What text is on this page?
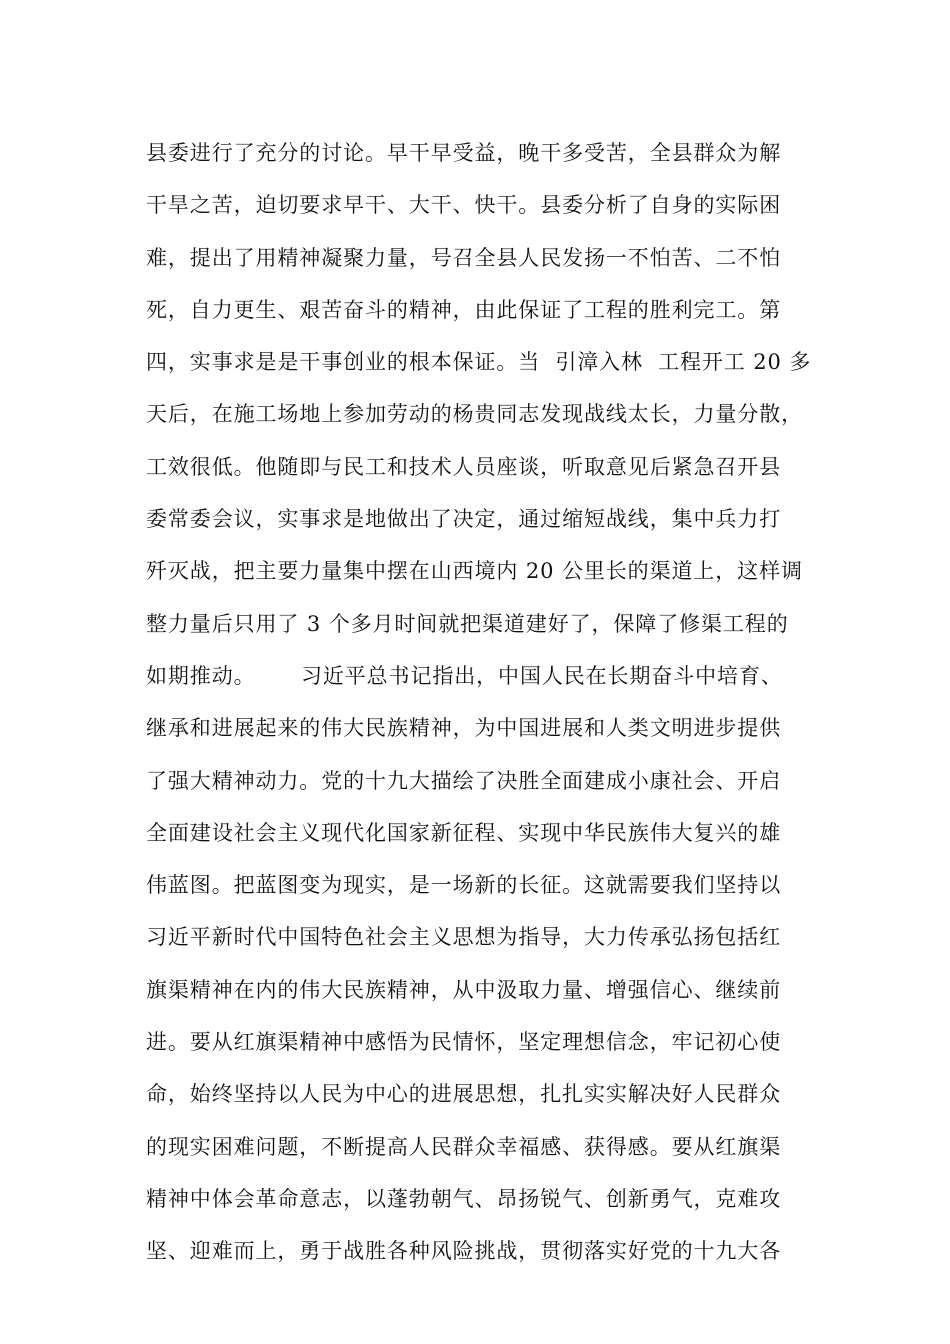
县委进行了充分的讨论。早干早受益，晚干多受苦，全县群众为解
干旱之苦，迫切要求早干、大干、快干。县委分析了自身的实际困
难，提出了用精神凝聚力量，号召全县人民发扬一不怕苦、二不怕
死，自力更生、艰苦奋斗的精神，由此保证了工程的胜利完工。第
四，实事求是是干事创业的根本保证。当  引漳入林  工程开工 20 多
天后，在施工场地上参加劳动的杨贵同志发现战线太长，力量分散，
工效很低。他随即与民工和技术人员座谈，听取意见后紧急召开县
委常委会议，实事求是地做出了决定，通过缩短战线，集中兵力打
歼灭战，把主要力量集中摆在山西境内 20 公里长的渠道上，这样调
整力量后只用了 3 个多月时间就把渠道建好了，保障了修渠工程的
如期推动。      习近平总书记指出，中国人民在长期奋斗中培育、
继承和进展起来的伟大民族精神，为中国进展和人类文明进步提供
了强大精神动力。党的十九大描绘了决胜全面建成小康社会、开启
全面建设社会主义现代化国家新征程、实现中华民族伟大复兴的雄
伟蓝图。把蓝图变为现实，是一场新的长征。这就需要我们坚持以
习近平新时代中国特色社会主义思想为指导，大力传承弘扬包括红
旗渠精神在内的伟大民族精神，从中汲取力量、增强信心、继续前
进。要从红旗渠精神中感悟为民情怀，坚定理想信念，牢记初心使
命，始终坚持以人民为中心的进展思想，扎扎实实解决好人民群众
的现实困难问题，不断提高人民群众幸福感、获得感。要从红旗渠
精神中体会革命意志，以蓬勃朝气、昂扬锐气、创新勇气，克难攻
坚、迎难而上，勇于战胜各种风险挑战，贯彻落实好党的十九大各
